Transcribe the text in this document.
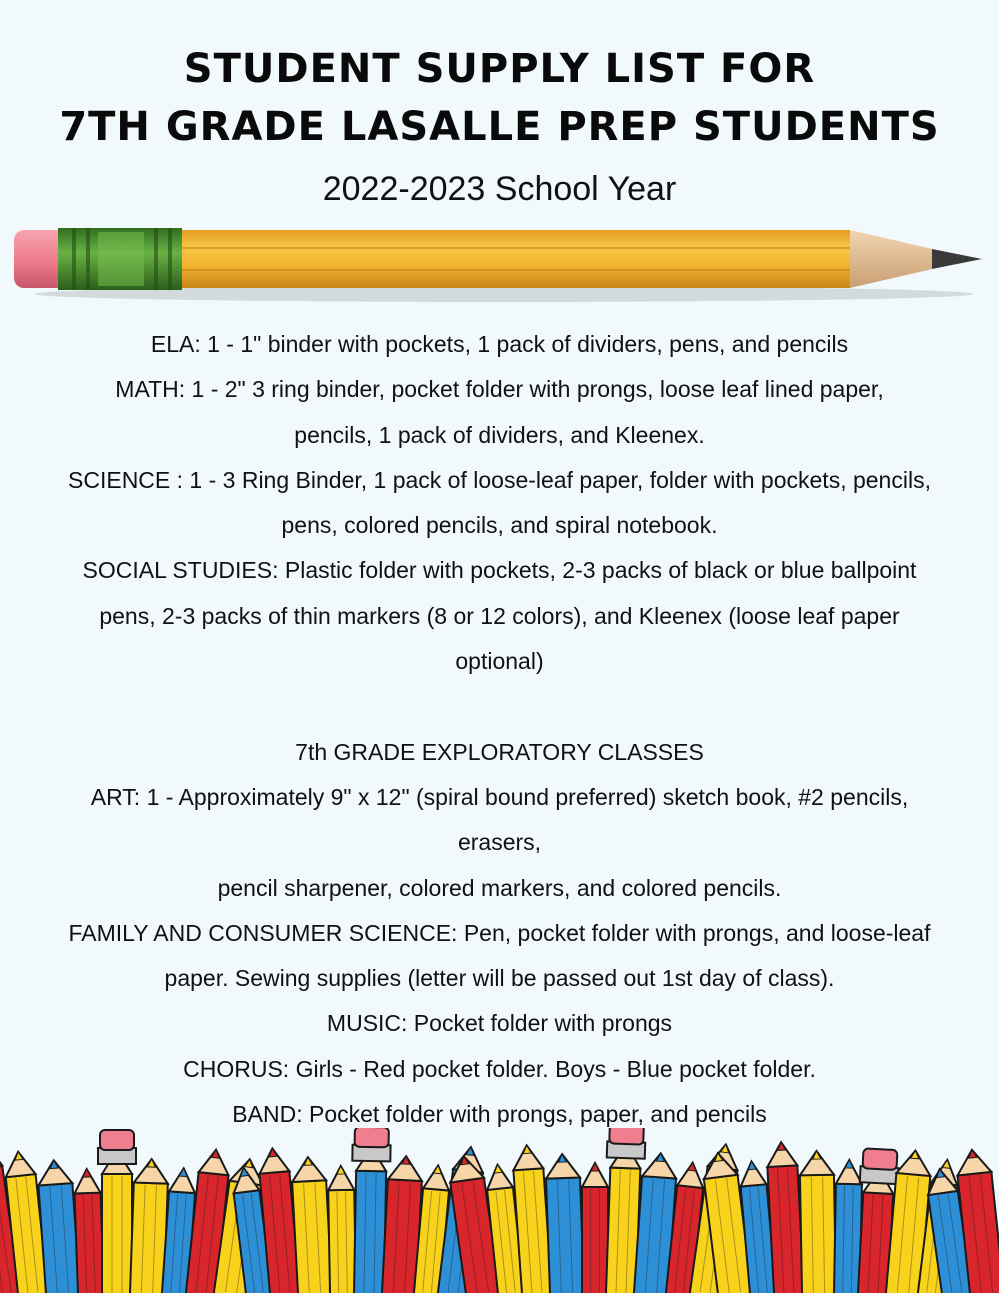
STUDENT SUPPLY LIST FOR
7TH GRADE LASALLE PREP STUDENTS
2022-2023 School Year

ELA: 1 - 1" binder with pockets, 1 pack of dividers, pens, and pencils

MATH: 1 - 2" 3 ring binder, pocket folder with prongs, loose leaf lined paper,

pencils, 1 pack of dividers, and Kleenex.

SCIENCE : 1 - 3 Ring Binder, 1 pack of loose-leaf paper, folder with pockets, pencils,

pens, colored pencils, and spiral notebook.

SOCIAL STUDIES: Plastic folder with pockets, 2-3 packs of black or blue ballpoint

pens, 2-3 packs of thin markers (8 or 12 colors), and Kleenex (loose leaf paper

optional)

7th GRADE EXPLORATORY CLASSES

ART: 1 - Approximately 9" x 12" (spiral bound preferred) sketch book, #2 pencils,

erasers,

pencil sharpener, colored markers, and colored pencils.

FAMILY AND CONSUMER SCIENCE: Pen, pocket folder with prongs, and loose-leaf

paper. Sewing supplies (letter will be passed out 1st day of class).

MUSIC: Pocket folder with prongs

CHORUS: Girls - Red pocket folder. Boys - Blue pocket folder.

BAND: Pocket folder with prongs, paper, and pencils
